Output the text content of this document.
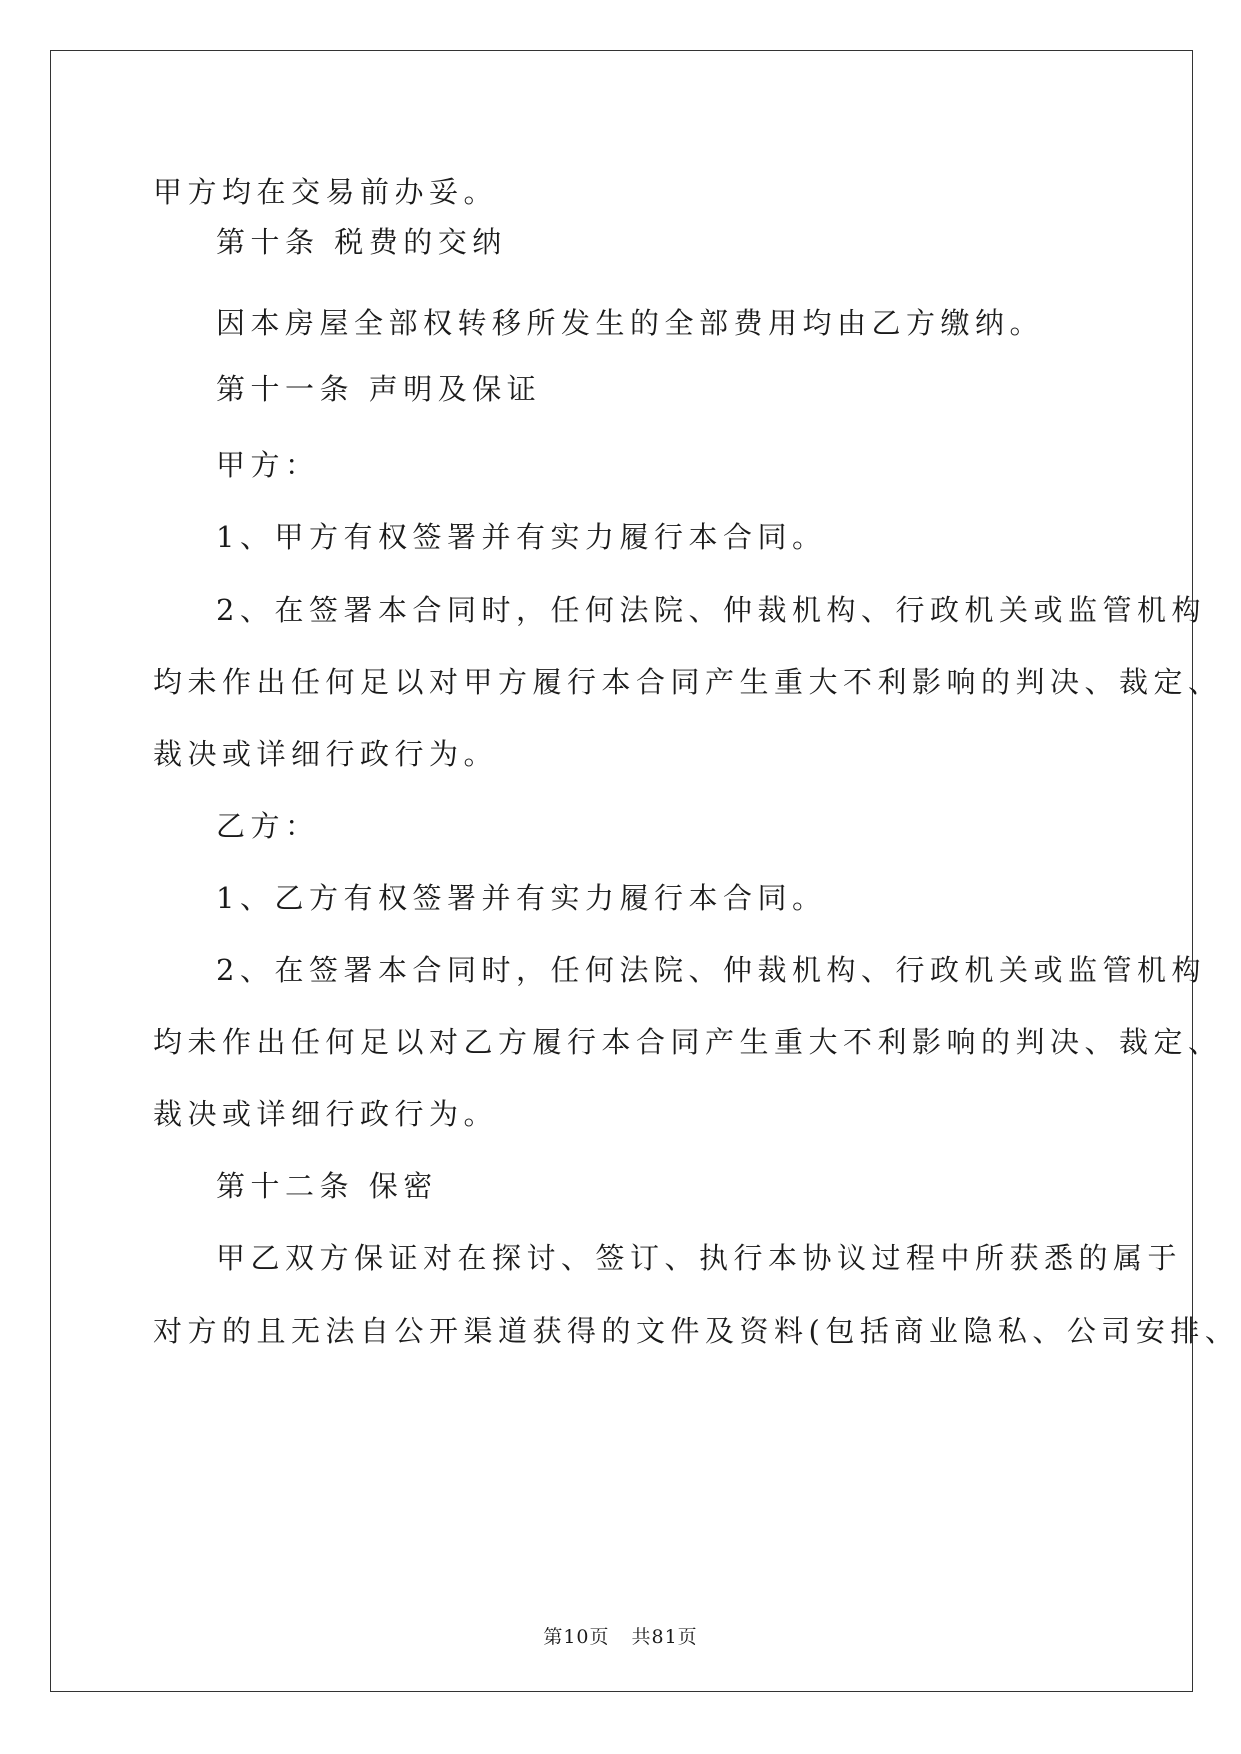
甲方均在交易前办妥。

第十条 税费的交纳

因本房屋全部权转移所发生的全部费用均由乙方缴纳。

第十一条 声明及保证

甲方：

1、甲方有权签署并有实力履行本合同。

2、在签署本合同时，任何法院、仲裁机构、行政机关或监管机构

均未作出任何足以对甲方履行本合同产生重大不利影响的判决、裁定、

裁决或详细行政行为。

乙方：

1、乙方有权签署并有实力履行本合同。

2、在签署本合同时，任何法院、仲裁机构、行政机关或监管机构

均未作出任何足以对乙方履行本合同产生重大不利影响的判决、裁定、

裁决或详细行政行为。

第十二条 保密

甲乙双方保证对在探讨、签订、执行本协议过程中所获悉的属于

对方的且无法自公开渠道获得的文件及资料(包括商业隐私、公司安排、

第10页 共81页
